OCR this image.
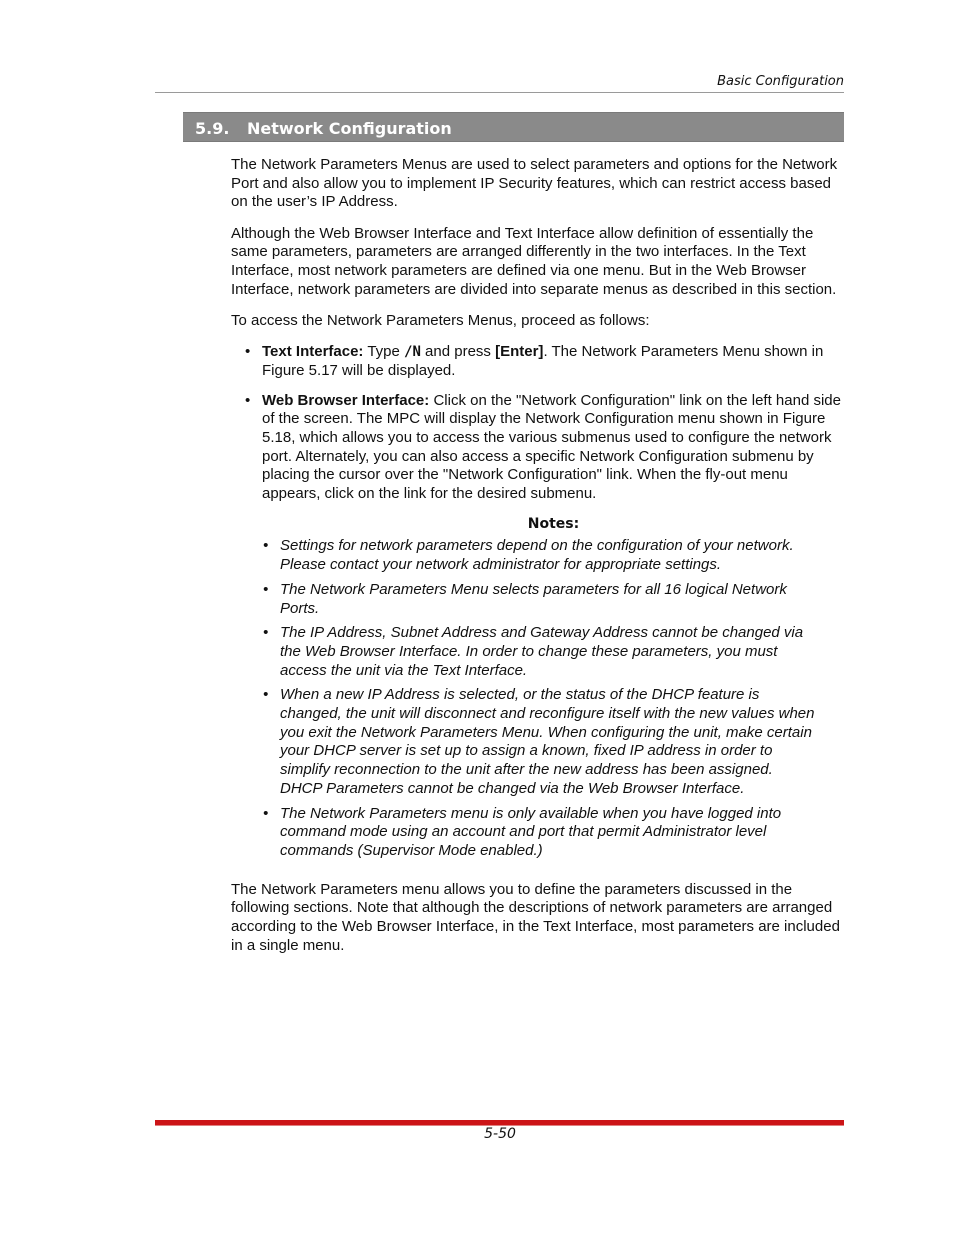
Basic Configuration
5.9. Network Configuration

The Network Parameters Menus are used to select parameters and options for the Network Port and also allow you to implement IP Security features, which can restrict access based on the user’s IP Address.

Although the Web Browser Interface and Text Interface allow definition of essentially the same parameters, parameters are arranged differently in the two interfaces. In the Text Interface, most network parameters are defined via one menu. But in the Web Browser Interface, network parameters are divided into separate menus as described in this section.

To access the Network Parameters Menus, proceed as follows:

• Text Interface: Type /N and press [Enter]. The Network Parameters Menu shown in Figure 5.17 will be displayed.
• Web Browser Interface: Click on the "Network Configuration" link on the left hand side of the screen. The MPC will display the Network Configuration menu shown in Figure 5.18, which allows you to access the various submenus used to configure the network port. Alternately, you can also access a specific Network Configuration submenu by placing the cursor over the "Network Configuration" link. When the fly-out menu appears, click on the link for the desired submenu.
Notes:
• Settings for network parameters depend on the configuration of your network. Please contact your network administrator for appropriate settings.
• The Network Parameters Menu selects parameters for all 16 logical Network Ports.
• The IP Address, Subnet Address and Gateway Address cannot be changed via the Web Browser Interface. In order to change these parameters, you must access the unit via the Text Interface.
• When a new IP Address is selected, or the status of the DHCP feature is changed, the unit will disconnect and reconfigure itself with the new values when you exit the Network Parameters Menu. When configuring the unit, make certain your DHCP server is set up to assign a known, fixed IP address in order to simplify reconnection to the unit after the new address has been assigned. DHCP Parameters cannot be changed via the Web Browser Interface.
• The Network Parameters menu is only available when you have logged into command mode using an account and port that permit Administrator level commands (Supervisor Mode enabled.)

The Network Parameters menu allows you to define the parameters discussed in the following sections. Note that although the descriptions of network parameters are arranged according to the Web Browser Interface, in the Text Interface, most parameters are included in a single menu.

5-50
